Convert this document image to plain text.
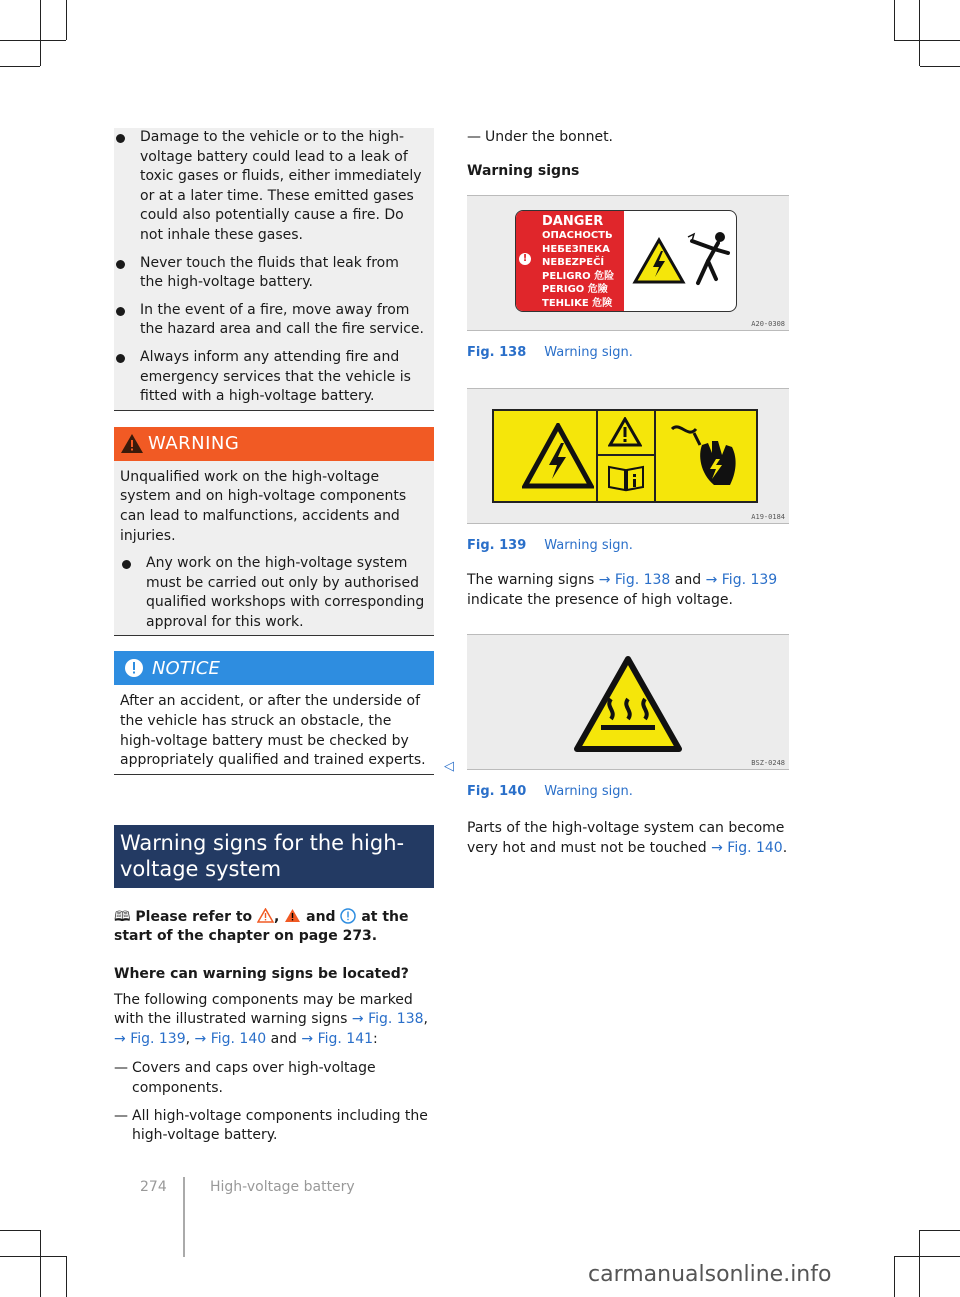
Damage to the vehicle or to the high-voltage battery could lead to a leak of toxic gases or fluids, either immediately or at a later time. These emitted gases could also potentially cause a fire. Do not inhale these gases.
Never touch the fluids that leak from the high-voltage battery.
In the event of a fire, move away from the hazard area and call the fire service.
Always inform any attending fire and emergency services that the vehicle is fitted with a high-voltage battery.
WARNING

Unqualified work on the high-voltage system and on high-voltage components can lead to malfunctions, accidents and injuries.

Any work on the high-voltage system must be carried out only by authorised qualified workshops with corresponding approval for this work.
NOTICE

After an accident, or after the underside of the vehicle has struck an obstacle, the high-voltage battery must be checked by appropriately qualified and trained experts. ◁
Warning signs for the high-voltage system

🕮 Please refer to , and at the start of the chapter on page 273.

Where can warning signs be located?

The following components may be marked with the illustrated warning signs → Fig. 138, → Fig. 139, → Fig. 140 and → Fig. 141:

— Covers and caps over high-voltage components.
— All high-voltage components including the high-voltage battery.
— Under the bonnet.

Warning signs

!
DANGER
ОПАСНОСТЬ
НЕБЕЗПЕКА
NEBEZPEČÍ
PELIGRO 危险
PERIGO 危險
TEHLIKE 危険
A20-0308

Fig. 138 Warning sign.

A19-0184

Fig. 139 Warning sign.

The warning signs → Fig. 138 and → Fig. 139 indicate the presence of high voltage.

BSZ-0248

Fig. 140 Warning sign.

Parts of the high-voltage system can become very hot and must not be touched → Fig. 140.

274	High-voltage battery
carmanualsonline.info
